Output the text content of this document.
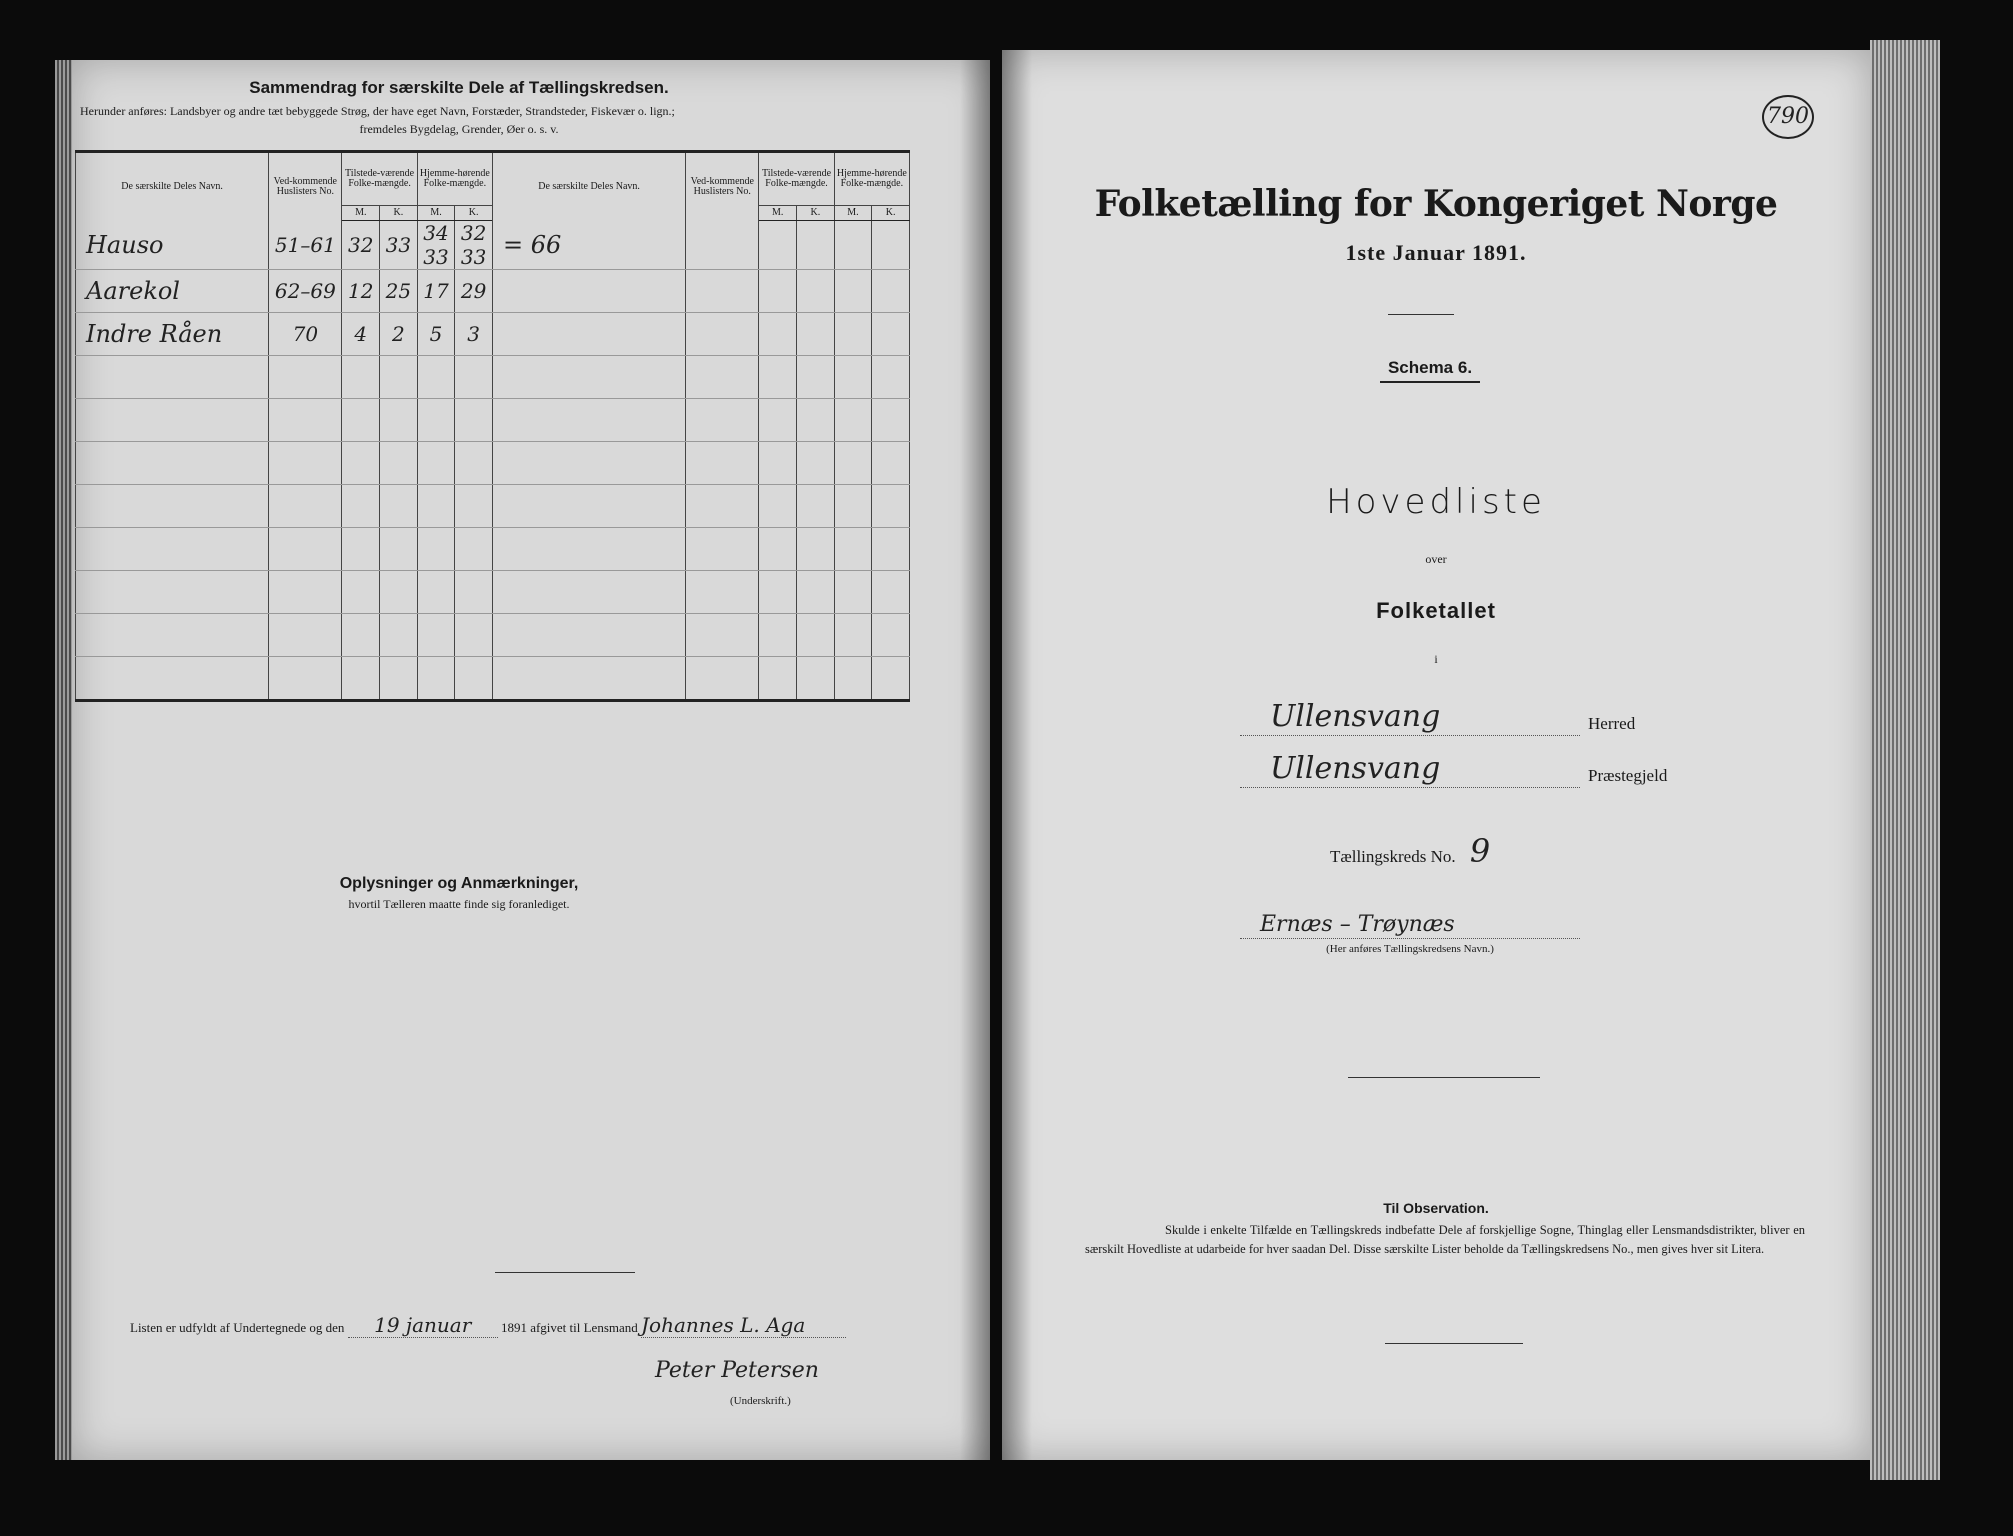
Sammendrag for særskilte Dele af Tællingskredsen.
Herunder anføres: Landsbyer og andre tæt bebyggede Strøg, der have eget Navn, Forstæder, Strandsteder, Fiskevær o. lign.;
fremdeles Bygdelag, Grender, Øer o. s. v.
De særskilte Deles Navn.	Ved-kommende Huslisters No.	Tilstede-værende Folke-mængde.		Hjemme-hørende Folke-mængde.		De særskilte Deles Navn.	Ved-kommende Huslisters No.	Tilstede-værende Folke-mængde.		Hjemme-hørende Folke-mængde.	
		M.	K.	M.	K.			M.	K.	M.	K.
Hauso	51–61	32	33	34 33	32 33	= 66					
Aarekol	62–69	12	25	17	29						
Indre Råen	70	4	2	5	3						

Oplysninger og Anmærkninger,
hvortil Tælleren maatte finde sig foranlediget.
Listen er udfyldt af Undertegnede og den 19 januar 1891 afgivet til Lensmand Johannes L. Aga
Peter Petersen
(Underskrift.)
790
Folketælling for Kongeriget Norge
1ste Januar 1891.
Schema 6.
Hovedliste
over
Folketallet
i
Ullensvang	Herred
Ullensvang	Præstegjeld
Tællingskreds No. 9
Ernæs – Trøynæs
(Her anføres Tællingskredsens Navn.)
Til Observation.
Skulde i enkelte Tilfælde en Tællingskreds indbefatte Dele af forskjellige Sogne, Thinglag eller Lensmandsdistrikter, bliver en særskilt Hovedliste at udarbeide for hver saadan Del. Disse særskilte Lister beholde da Tællingskredsens No., men gives hver sit Litera.
